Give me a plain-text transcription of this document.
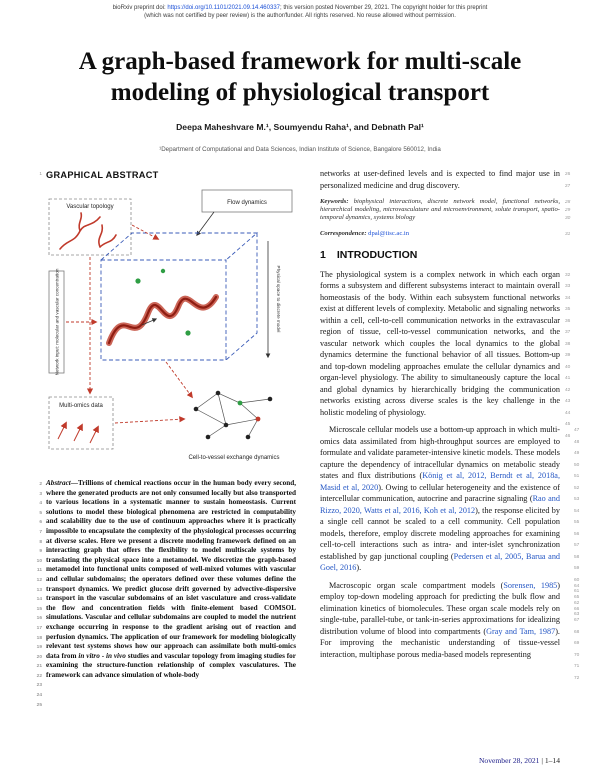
bioRxiv preprint doi: https://doi.org/10.1101/2021.09.14.460337; this version posted November 29, 2021. The copyright holder for this preprint
(which was not certified by peer review) is the author/funder. All rights reserved. No reuse allowed without permission.
A graph-based framework for multi-scale
modeling of physiological transport
Deepa Maheshvare M.¹, Soumyendu Raha¹, and Debnath Pal¹
¹Department of Computational and Data Sciences, Indian Institute of Science, Bangalore 560012, India
1 GRAPHICAL ABSTRACT
Vascular topology
Flow dynamics
Network input: molecular and vascular concentration	Physical space to discrete model
Multi-omics data
Cell-to-vessel exchange dynamics
2
3
4
5
6
7
8
9
10
11
12
13
14
15
16
17
18
19
20
21
22
23
24
25
Abstract—Trillions of chemical reactions occur in the human body every second, where the generated products are not only consumed locally but also transported to various locations in a systematic manner to sustain homeostasis. Current solutions to model these biological phenomena are restricted in computability and scalability due to the use of continuum approaches where it is practically impossible to encapsulate the complexity of the physiological processes occurring at diverse scales. Here we present a discrete modeling framework defined on an interacting graph that offers the flexibility to model multiscale systems by translating the physical space into a metamodel. We discretize the graph-based metamodel into functional units composed of well-mixed volumes with vascular and cellular subdomains; the operators defined over these volumes define the transport dynamics. We predict glucose drift governed by advective-dispersive transport in the vascular subdomains of an islet vasculature and cross-validate the flow and concentration fields with finite-element based COMSOL simulations. Vascular and cellular subdomains are coupled to model the nutrient exchange occurring in response to the gradient arising out of reaction and perfusion dynamics. The application of our framework for modeling biologically relevant test systems shows how our approach can assimilate both multi-omics data from in vitro - in vivo studies and vascular topology from imaging studies for examining the structure-function relationship of complex vasculatures. The framework can advance simulation of whole-body
26
27
networks at user-defined levels and is expected to find major use in personalized medicine and drug discovery.
28
29
30
Keywords: biophysical interactions, discrete network model, functional networks, hierarchical modeling, microvasculature and microenvironment, solute transport, spatio-temporal dynamics, systems biology
31
Correspondence: dpal@iisc.ac.in
1 INTRODUCTION
32
33
34
35
36
37
38
39
40
41
42
43
44
45
46
The physiological system is a complex network in which each organ forms a subsystem and different subsystems interact to maintain overall homeostasis of the body. Within each subsystem functional networks exist at different levels of complexity. Metabolic and signaling networks within a cell, cell-to-cell communication networks in the extravascular region of tissue, cell-to-vessel communication networks, and the vascular network which couples the local dynamics to the global dynamics determine the functional behavior of all tissues. Bottom-up and top-down modeling approaches emulate the cellular dynamics and organ-level physiology. The ability to simultaneously capture the local and global dynamics by hierarchically bridging the communication networks existing across diverse scales is the key challenge in the holistic modeling of physiology.
47
48
49
50
51
52
53
54
55
56
57
58
59
60
61
62
63
Microscale cellular models use a bottom-up approach in which multi-omics data assimilated from high-throughput sources are employed to formulate and validate parameter-intensive kinetic models. These models capture the dependency of intracellular dynamics on metabolic steady states and flux distributions (König et al, 2012, Berndt et al, 2018a, Masid et al, 2020). Owing to cellular heterogeneity and the existence of intercellular communication, autocrine and paracrine signaling (Rao and Rizzo, 2020, Watts et al, 2016, Koh et al, 2012), the response elicited by a single cell cannot be scaled to a cell community. Cell population models, therefore, employ discrete modeling approaches for examining cell-to-cell interactions such as intra- and inter-islet synchronization established by gap junctional coupling (Pedersen et al, 2005, Barua and Goel, 2016).
64
65
66
67
68
69
70
71
72
Macroscopic organ scale compartment models (Sorensen, 1985) employ top-down modeling approach for predicting the bulk flow and elimination kinetics of biomolecules. These organ scale models rely on single-tube, parallel-tube, or tank-in-series approximations for idealizing distribution volume of blood into compartments (Gray and Tam, 1987). For improving the mechanistic understanding of tissue-vessel interaction, multiphase porous media-based models representing
November 28, 2021 | 1–14
